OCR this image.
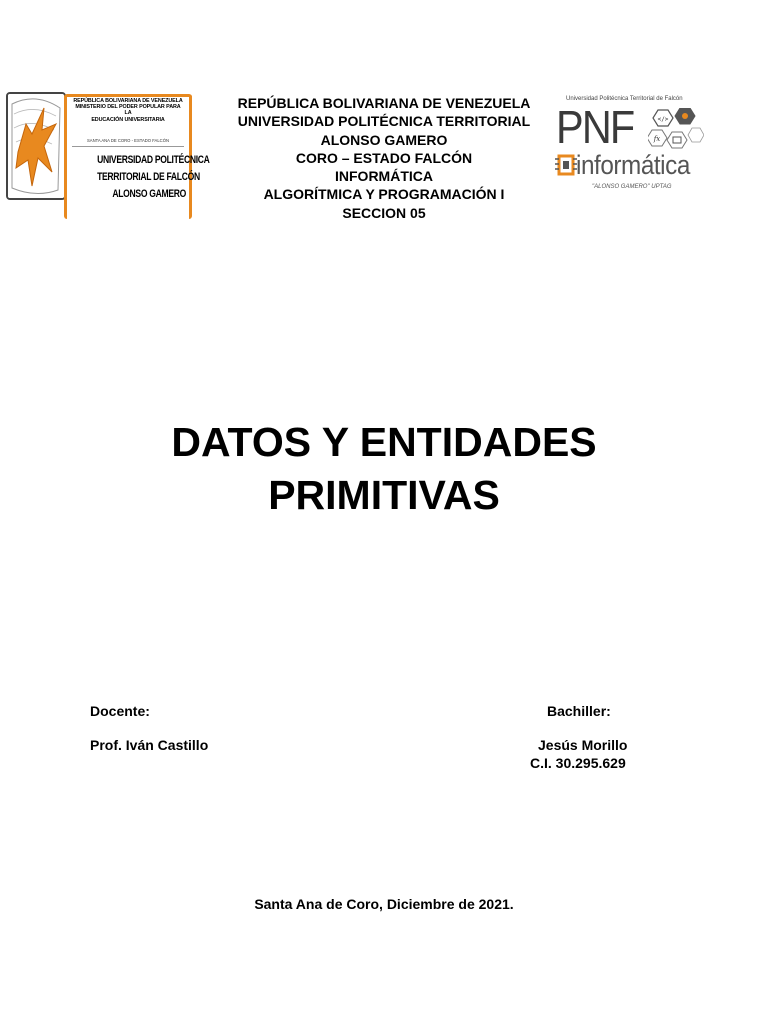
REPÚBLICA BOLIVARIANA DE VENEZUELA
MINISTERIO DEL PODER POPULAR PARA LA
EDUCACIÓN UNIVERSITARIA
SANTA ANA DE CORO - ESTADO FALCÓN
UNIVERSIDAD POLITÉCNICA
TERRITORIAL DE FALCÓN
ALONSO GAMERO
REPÚBLICA BOLIVARIANA DE VENEZUELA
UNIVERSIDAD POLITÉCNICA TERRITORIAL
ALONSO GAMERO
CORO – ESTADO FALCÓN
INFORMÁTICA
ALGORÍTMICA Y PROGRAMACIÓN I
SECCION 05
Universidad Politécnica Territorial de Falcón
PNF	</>
fx
informática
"ALONSO GAMERO" UPTAG
DATOS Y ENTIDADES
PRIMITIVAS
Docente:
Prof. Iván Castillo
Bachiller:
Jesús Morillo
C.I. 30.295.629
Santa Ana de Coro, Diciembre de 2021.
